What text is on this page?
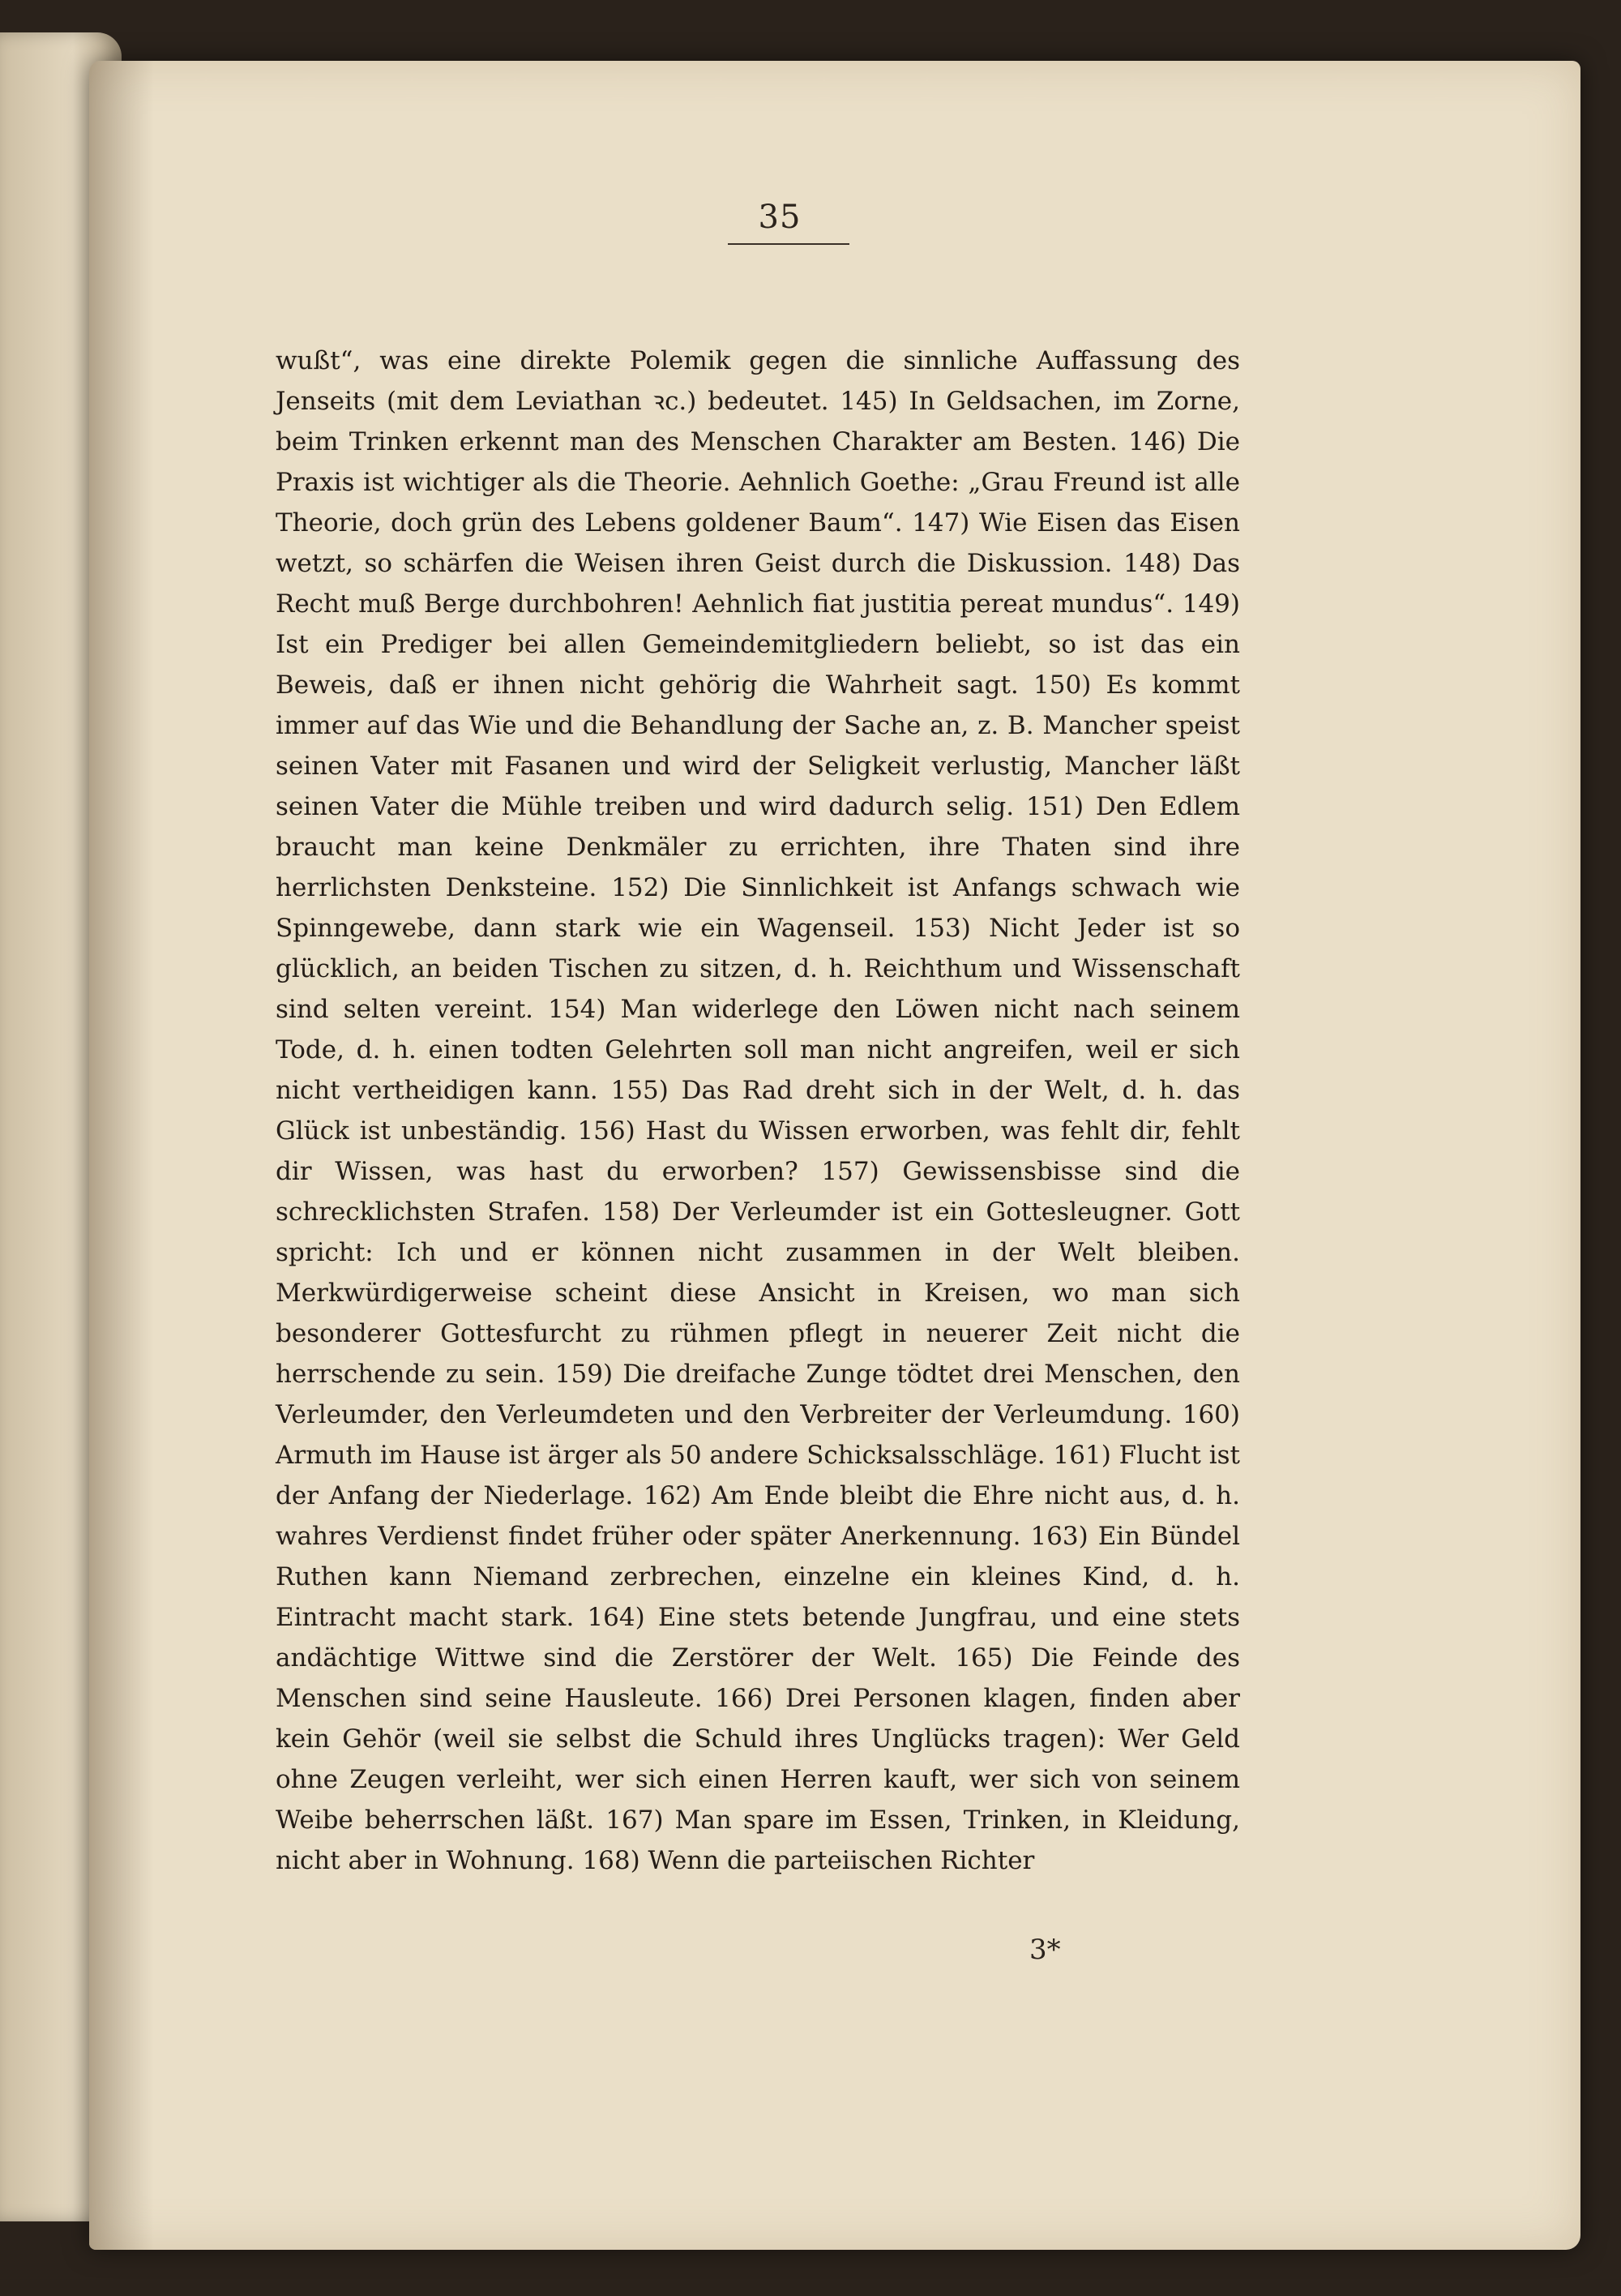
35

wußt“, was eine direkte Polemik gegen die sinnliche Auffassung des Jenseits (mit dem Leviathan ꝛc.) bedeutet. 145) In Geldsachen, im Zorne, beim Trinken erkennt man des Menschen Charakter am Besten. 146) Die Praxis ist wichtiger als die Theorie. Aehnlich Goethe: „Grau Freund ist alle Theorie, doch grün des Lebens goldener Baum“. 147) Wie Eisen das Eisen wetzt, so schärfen die Weisen ihren Geist durch die Diskussion. 148) Das Recht muß Berge durchbohren! Aehnlich fiat justitia pereat mundus“. 149) Ist ein Prediger bei allen Gemeindemitgliedern beliebt, so ist das ein Beweis, daß er ihnen nicht gehörig die Wahrheit sagt. 150) Es kommt immer auf das Wie und die Behandlung der Sache an, z. B. Mancher speist seinen Vater mit Fasanen und wird der Seligkeit verlustig, Mancher läßt seinen Vater die Mühle treiben und wird dadurch selig. 151) Den Edlem braucht man keine Denkmäler zu errichten, ihre Thaten sind ihre herrlichsten Denksteine. 152) Die Sinnlichkeit ist Anfangs schwach wie Spinngewebe, dann stark wie ein Wagenseil. 153) Nicht Jeder ist so glücklich, an beiden Tischen zu sitzen, d. h. Reichthum und Wissenschaft sind selten vereint. 154) Man widerlege den Löwen nicht nach seinem Tode, d. h. einen todten Gelehrten soll man nicht angreifen, weil er sich nicht vertheidigen kann. 155) Das Rad dreht sich in der Welt, d. h. das Glück ist unbeständig. 156) Hast du Wissen erworben, was fehlt dir, fehlt dir Wissen, was hast du erworben? 157) Gewissensbisse sind die schrecklichsten Strafen. 158) Der Verleumder ist ein Gottesleugner. Gott spricht: Ich und er können nicht zusammen in der Welt bleiben. Merkwürdigerweise scheint diese Ansicht in Kreisen, wo man sich besonderer Gottesfurcht zu rühmen pflegt in neuerer Zeit nicht die herrschende zu sein. 159) Die dreifache Zunge tödtet drei Menschen, den Verleumder, den Verleumdeten und den Verbreiter der Verleumdung. 160) Armuth im Hause ist ärger als 50 andere Schicksalsschläge. 161) Flucht ist der Anfang der Niederlage. 162) Am Ende bleibt die Ehre nicht aus, d. h. wahres Verdienst findet früher oder später Anerkennung. 163) Ein Bündel Ruthen kann Niemand zerbrechen, einzelne ein kleines Kind, d. h. Eintracht macht stark. 164) Eine stets betende Jungfrau, und eine stets andächtige Wittwe sind die Zerstörer der Welt. 165) Die Feinde des Menschen sind seine Hausleute. 166) Drei Personen klagen, finden aber kein Gehör (weil sie selbst die Schuld ihres Unglücks tragen): Wer Geld ohne Zeugen verleiht, wer sich einen Herren kauft, wer sich von seinem Weibe beherrschen läßt. 167) Man spare im Essen, Trinken, in Kleidung, nicht aber in Wohnung. 168) Wenn die parteiischen Richter

3*
